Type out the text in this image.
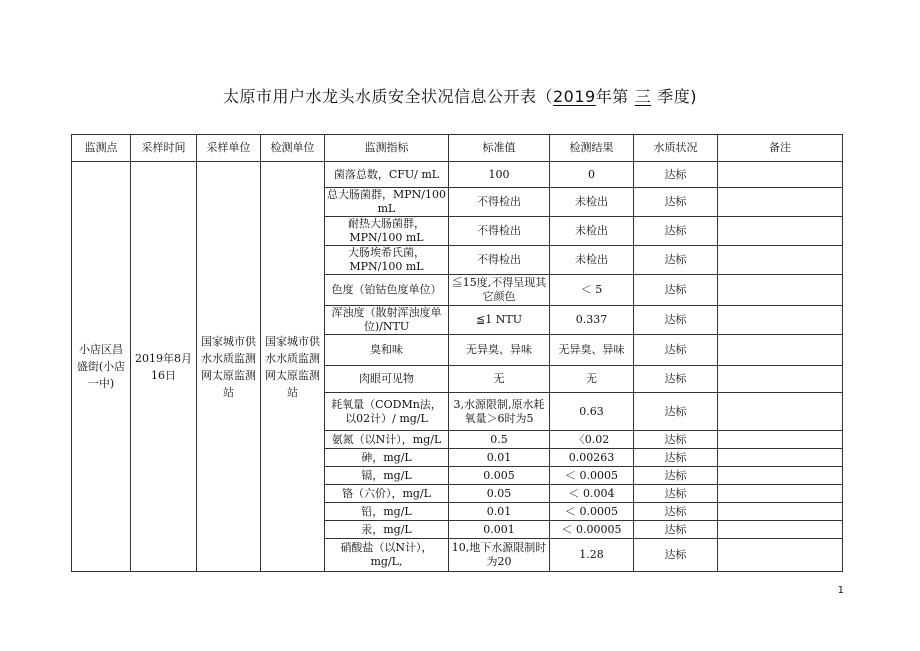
太原市用户水龙头水质安全状况信息公开表（2019年第 三 季度)
监测点	采样时间	采样单位	检测单位	监测指标	标准值	检测结果	水质状况	备注
小店区昌盛街(小店一中)	2019年8月16日	国家城市供水水质监测网太原监测站	国家城市供水水质监测网太原监测站	菌落总数，CFU/ mL	100	0	达标	
				总大肠菌群，MPN/100 mL	不得检出	未检出	达标	
				耐热大肠菌群，MPN/100 mL	不得检出	未检出	达标	
				大肠埃希氏菌，MPN/100 mL	不得检出	未检出	达标	
				色度（铂钴色度单位）	≦15度,不得呈现其它颜色	＜ 5	达标	
				浑浊度（散射浑浊度单位)/NTU	≦1 NTU	0.337	达标	
				臭和味	无异臭、异味	无异臭、异味	达标	
				肉眼可见物	无	无	达标	
				耗氧量（CODMn法，以02计）/ mg/L	3,水源限制,原水耗氧量＞6时为5	0.63	达标	
				氨氮（以N计），mg/L	0.5	〈0.02	达标	
				砷，mg/L	0.01	0.00263	达标	
				镉，mg/L	0.005	＜ 0.0005	达标	
				铬（六价），mg/L	0.05	＜ 0.004	达标	
				铅，mg/L	0.01	＜ 0.0005	达标	
				汞，mg/L	0.001	＜ 0.00005	达标	
				硝酸盐（以N计），mg/L,	10,地下水源限制时为20	1.28	达标	
1
